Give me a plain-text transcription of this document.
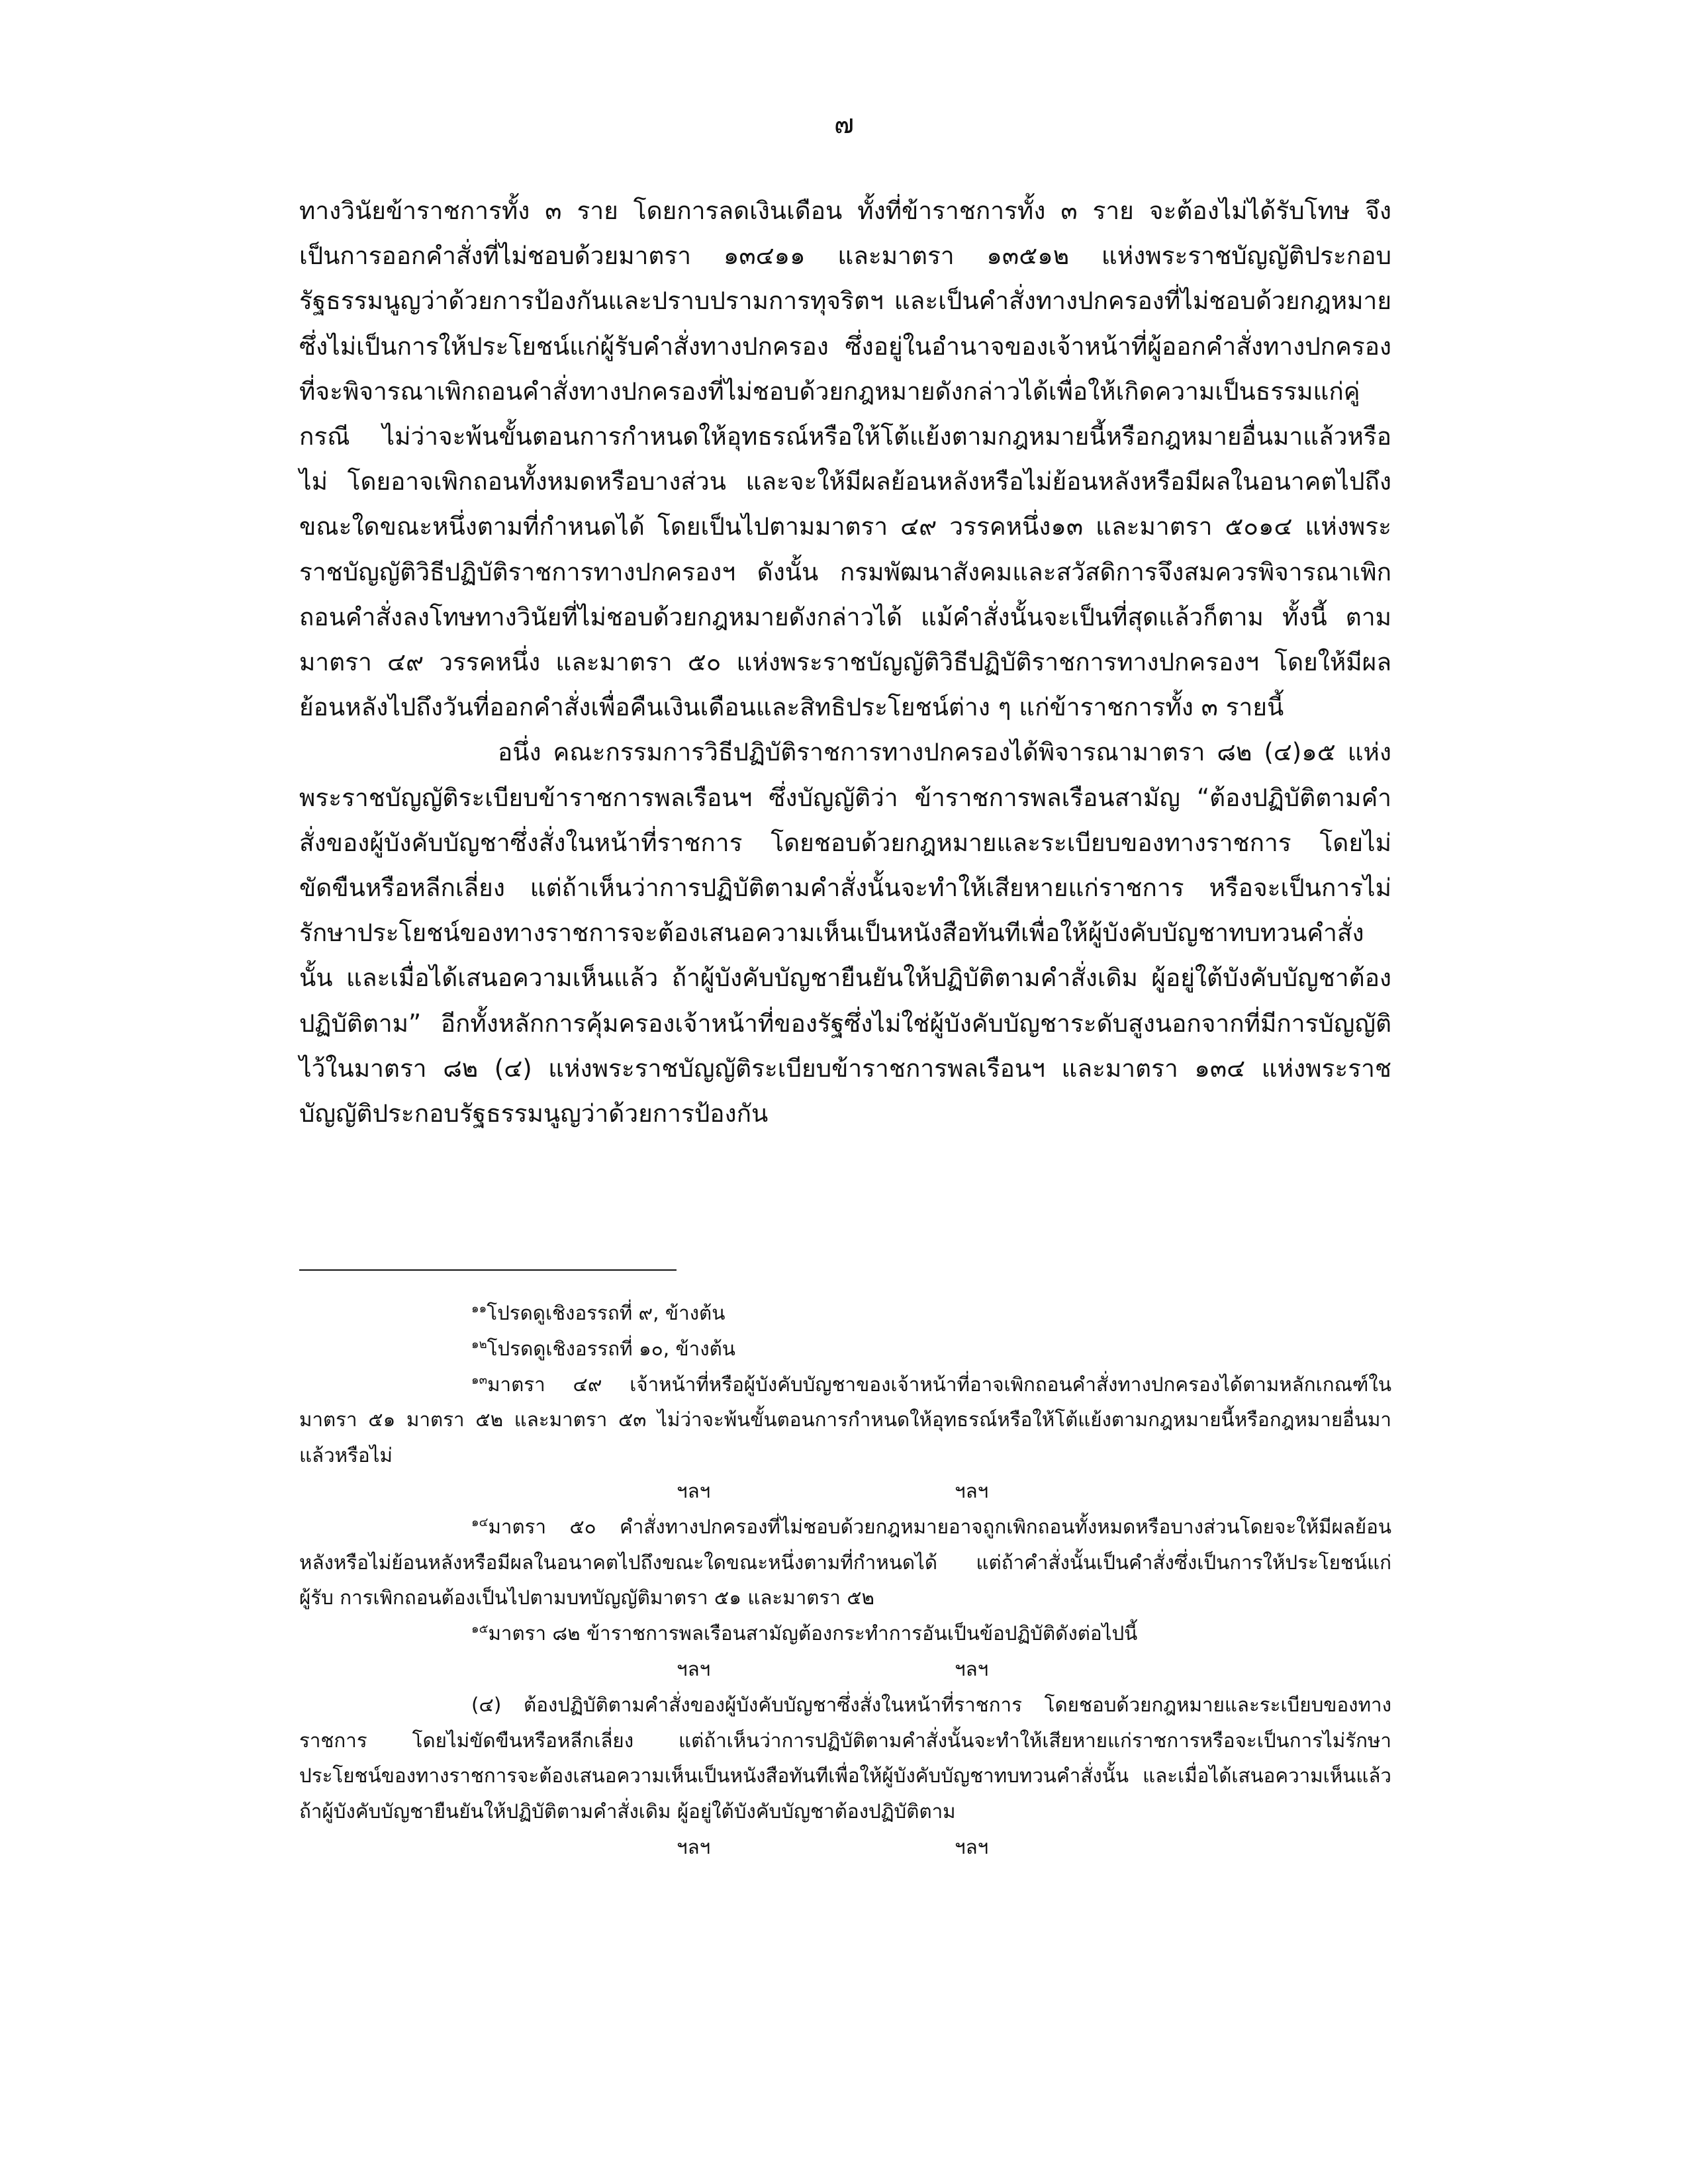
๗

ทางวินัยข้าราชการทั้ง ๓ ราย โดยการลดเงินเดือน ทั้งที่ข้าราชการทั้ง ๓ ราย จะต้องไม่ได้รับโทษ จึงเป็นการออกคำสั่งที่ไม่ชอบด้วยมาตรา ๑๓๔๑๑ และมาตรา ๑๓๕๑๒ แห่งพระราชบัญญัติประกอบรัฐธรรมนูญว่าด้วยการป้องกันและปราบปรามการทุจริตฯ และเป็นคำสั่งทางปกครองที่ไม่ชอบด้วยกฎหมายซึ่งไม่เป็นการให้ประโยชน์แก่ผู้รับคำสั่งทางปกครอง ซึ่งอยู่ในอำนาจของเจ้าหน้าที่ผู้ออกคำสั่งทางปกครองที่จะพิจารณาเพิกถอนคำสั่งทางปกครองที่ไม่ชอบด้วยกฎหมายดังกล่าวได้เพื่อให้เกิดความเป็นธรรมแก่คู่กรณี ไม่ว่าจะพ้นขั้นตอนการกำหนดให้อุทธรณ์หรือให้โต้แย้งตามกฎหมายนี้หรือกฎหมายอื่นมาแล้วหรือไม่ โดยอาจเพิกถอนทั้งหมดหรือบางส่วน และจะให้มีผลย้อนหลังหรือไม่ย้อนหลังหรือมีผลในอนาคตไปถึงขณะใดขณะหนึ่งตามที่กำหนดได้ โดยเป็นไปตามมาตรา ๔๙ วรรคหนึ่ง๑๓ และมาตรา ๕๐๑๔ แห่งพระราชบัญญัติวิธีปฏิบัติราชการทางปกครองฯ ดังนั้น กรมพัฒนาสังคมและสวัสดิการจึงสมควรพิจารณาเพิกถอนคำสั่งลงโทษทางวินัยที่ไม่ชอบด้วยกฎหมายดังกล่าวได้ แม้คำสั่งนั้นจะเป็นที่สุดแล้วก็ตาม ทั้งนี้ ตามมาตรา ๔๙ วรรคหนึ่ง และมาตรา ๕๐ แห่งพระราชบัญญัติวิธีปฏิบัติราชการทางปกครองฯ โดยให้มีผลย้อนหลังไปถึงวันที่ออกคำสั่งเพื่อคืนเงินเดือนและสิทธิประโยชน์ต่าง ๆ แก่ข้าราชการทั้ง ๓ รายนี้

อนึ่ง คณะกรรมการวิธีปฏิบัติราชการทางปกครองได้พิจารณามาตรา ๘๒ (๔)๑๕ แห่งพระราชบัญญัติระเบียบข้าราชการพลเรือนฯ ซึ่งบัญญัติว่า ข้าราชการพลเรือนสามัญ “ต้องปฏิบัติตามคำสั่งของผู้บังคับบัญชาซึ่งสั่งในหน้าที่ราชการ โดยชอบด้วยกฎหมายและระเบียบของทางราชการ โดยไม่ขัดขืนหรือหลีกเลี่ยง แต่ถ้าเห็นว่าการปฏิบัติตามคำสั่งนั้นจะทำให้เสียหายแก่ราชการ หรือจะเป็นการไม่รักษาประโยชน์ของทางราชการจะต้องเสนอความเห็นเป็นหนังสือทันทีเพื่อให้ผู้บังคับบัญชาทบทวนคำสั่งนั้น และเมื่อได้เสนอความเห็นแล้ว ถ้าผู้บังคับบัญชายืนยันให้ปฏิบัติตามคำสั่งเดิม ผู้อยู่ใต้บังคับบัญชาต้องปฏิบัติตาม” อีกทั้งหลักการคุ้มครองเจ้าหน้าที่ของรัฐซึ่งไม่ใช่ผู้บังคับบัญชาระดับสูงนอกจากที่มีการบัญญัติไว้ในมาตรา ๘๒ (๔) แห่งพระราชบัญญัติระเบียบข้าราชการพลเรือนฯ และมาตรา ๑๓๔ แห่งพระราชบัญญัติประกอบรัฐธรรมนูญว่าด้วยการป้องกัน

$^{๑๑}$โปรดดูเชิงอรรถที่ ๙, ข้างต้น

$^{๑๒}$โปรดดูเชิงอรรถที่ ๑๐, ข้างต้น

$^{๑๓}$มาตรา ๔๙ เจ้าหน้าที่หรือผู้บังคับบัญชาของเจ้าหน้าที่อาจเพิกถอนคำสั่งทางปกครองได้ตามหลักเกณฑ์ในมาตรา ๕๑ มาตรา ๕๒ และมาตรา ๕๓ ไม่ว่าจะพ้นขั้นตอนการกำหนดให้อุทธรณ์หรือให้โต้แย้งตามกฎหมายนี้หรือกฎหมายอื่นมาแล้วหรือไม่

ฯลฯ	ฯลฯ

$^{๑๔}$มาตรา ๕๐ คำสั่งทางปกครองที่ไม่ชอบด้วยกฎหมายอาจถูกเพิกถอนทั้งหมดหรือบางส่วนโดยจะให้มีผลย้อนหลังหรือไม่ย้อนหลังหรือมีผลในอนาคตไปถึงขณะใดขณะหนึ่งตามที่กำหนดได้ แต่ถ้าคำสั่งนั้นเป็นคำสั่งซึ่งเป็นการให้ประโยชน์แก่ผู้รับ การเพิกถอนต้องเป็นไปตามบทบัญญัติมาตรา ๕๑ และมาตรา ๕๒

$^{๑๕}$มาตรา ๘๒ ข้าราชการพลเรือนสามัญต้องกระทำการอันเป็นข้อปฏิบัติดังต่อไปนี้

ฯลฯ	ฯลฯ

(๔) ต้องปฏิบัติตามคำสั่งของผู้บังคับบัญชาซึ่งสั่งในหน้าที่ราชการ โดยชอบด้วยกฎหมายและระเบียบของทางราชการ โดยไม่ขัดขืนหรือหลีกเลี่ยง แต่ถ้าเห็นว่าการปฏิบัติตามคำสั่งนั้นจะทำให้เสียหายแก่ราชการหรือจะเป็นการไม่รักษาประโยชน์ของทางราชการจะต้องเสนอความเห็นเป็นหนังสือทันทีเพื่อให้ผู้บังคับบัญชาทบทวนคำสั่งนั้น และเมื่อได้เสนอความเห็นแล้ว ถ้าผู้บังคับบัญชายืนยันให้ปฏิบัติตามคำสั่งเดิม ผู้อยู่ใต้บังคับบัญชาต้องปฏิบัติตาม

ฯลฯ	ฯลฯ
